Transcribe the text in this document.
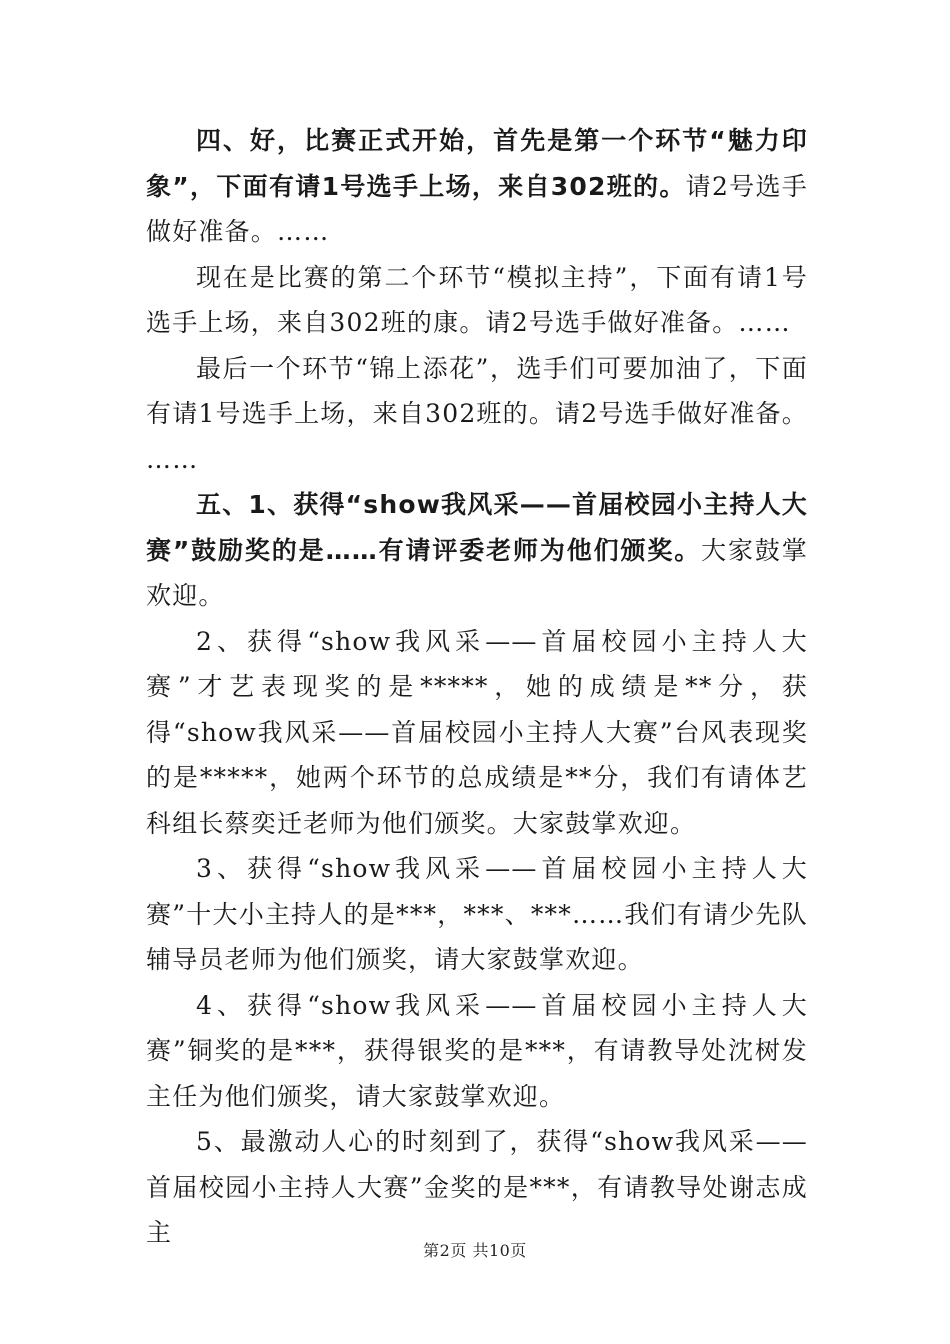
四、好，比赛正式开始，首先是第一个环节“魅力印象”，下面有请1号选手上场，来自302班的。请2号选手做好准备。……

现在是比赛的第二个环节“模拟主持”，下面有请1号选手上场，来自302班的康。请2号选手做好准备。……

最后一个环节“锦上添花”，选手们可要加油了，下面有请1号选手上场，来自302班的。请2号选手做好准备。

……

五、1、获得“show我风采——首届校园小主持人大赛”鼓励奖的是……有请评委老师为他们颁奖。大家鼓掌欢迎。

2、获得“show我风采——首届校园小主持人大赛”才艺表现奖的是*****，她的成绩是**分，获得“show我风采——首届校园小主持人大赛”台风表现奖的是*****，她两个环节的总成绩是**分，我们有请体艺科组长蔡奕迁老师为他们颁奖。大家鼓掌欢迎。

3、获得“show我风采——首届校园小主持人大赛”十大小主持人的是***，***、***……我们有请少先队辅导员老师为他们颁奖，请大家鼓掌欢迎。

4、获得“show我风采——首届校园小主持人大赛”铜奖的是***，获得银奖的是***，有请教导处沈树发主任为他们颁奖，请大家鼓掌欢迎。

5、最激动人心的时刻到了，获得“show我风采——首届校园小主持人大赛”金奖的是***，有请教导处谢志成主

第2页 共10页
